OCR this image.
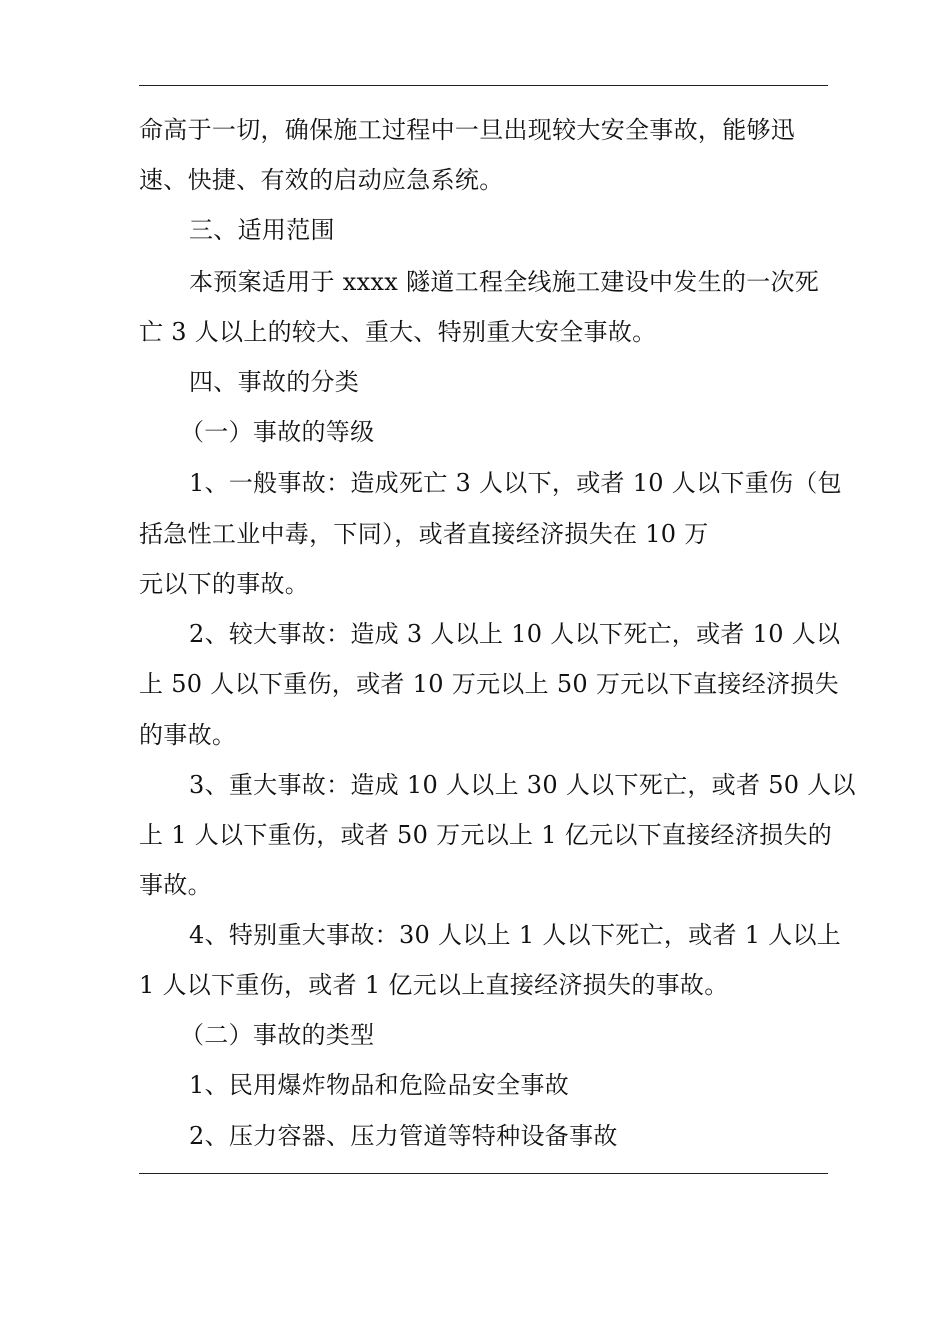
命高于一切，确保施工过程中一旦出现较大安全事故，能够迅
速、快捷、有效的启动应急系统。
三、适用范围
本预案适用于 xxxx 隧道工程全线施工建设中发生的一次死
亡 3 人以上的较大、重大、特别重大安全事故。
四、事故的分类
（一）事故的等级
1、一般事故：造成死亡 3 人以下，或者 10 人以下重伤（包
括急性工业中毒，下同），或者直接经济损失在 10 万
元以下的事故。
2、较大事故：造成 3 人以上 10 人以下死亡，或者 10 人以
上 50 人以下重伤，或者 10 万元以上 50 万元以下直接经济损失
的事故。
3、重大事故：造成 10 人以上 30 人以下死亡，或者 50 人以
上 1 人以下重伤，或者 50 万元以上 1 亿元以下直接经济损失的
事故。
4、特别重大事故：30 人以上 1 人以下死亡，或者 1 人以上
1 人以下重伤，或者 1 亿元以上直接经济损失的事故。
（二）事故的类型
1、民用爆炸物品和危险品安全事故
2、压力容器、压力管道等特种设备事故
